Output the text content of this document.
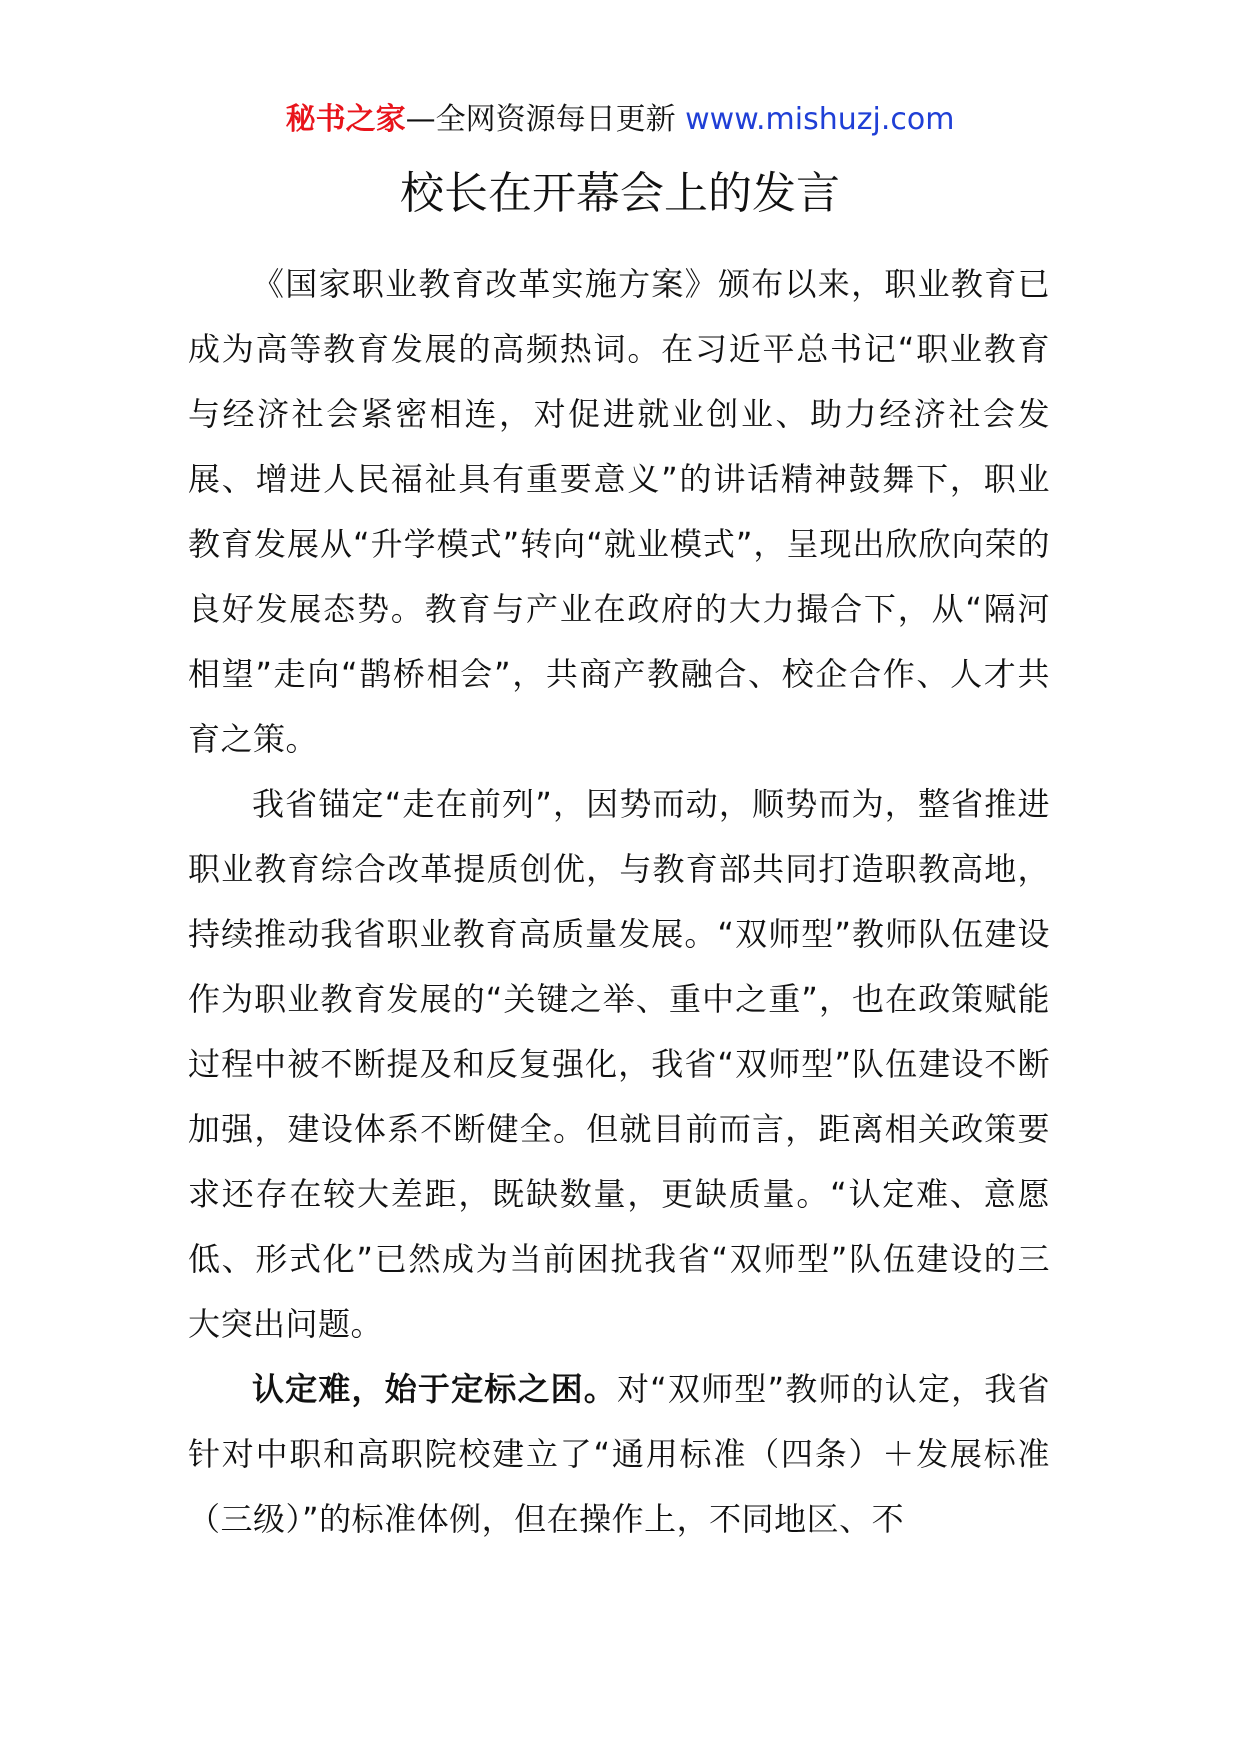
秘书之家—全网资源每日更新 www.mishuzj.com
校长在开幕会上的发言

《国家职业教育改革实施方案》颁布以来，职业教育已成为高等教育发展的高频热词。在习近平总书记“职业教育与经济社会紧密相连，对促进就业创业、助力经济社会发展、增进人民福祉具有重要意义”的讲话精神鼓舞下，职业教育发展从“升学模式”转向“就业模式”，呈现出欣欣向荣的良好发展态势。教育与产业在政府的大力撮合下，从“隔河相望”走向“鹊桥相会”，共商产教融合、校企合作、人才共育之策。

我省锚定“走在前列”，因势而动，顺势而为，整省推进职业教育综合改革提质创优，与教育部共同打造职教高地，持续推动我省职业教育高质量发展。“双师型”教师队伍建设作为职业教育发展的“关键之举、重中之重”，也在政策赋能过程中被不断提及和反复强化，我省“双师型”队伍建设不断加强，建设体系不断健全。但就目前而言，距离相关政策要求还存在较大差距，既缺数量，更缺质量。“认定难、意愿低、形式化”已然成为当前困扰我省“双师型”队伍建设的三大突出问题。

认定难，始于定标之困。对“双师型”教师的认定，我省针对中职和高职院校建立了“通用标准（四条）＋发展标准（三级）”的标准体例，但在操作上，不同地区、不
